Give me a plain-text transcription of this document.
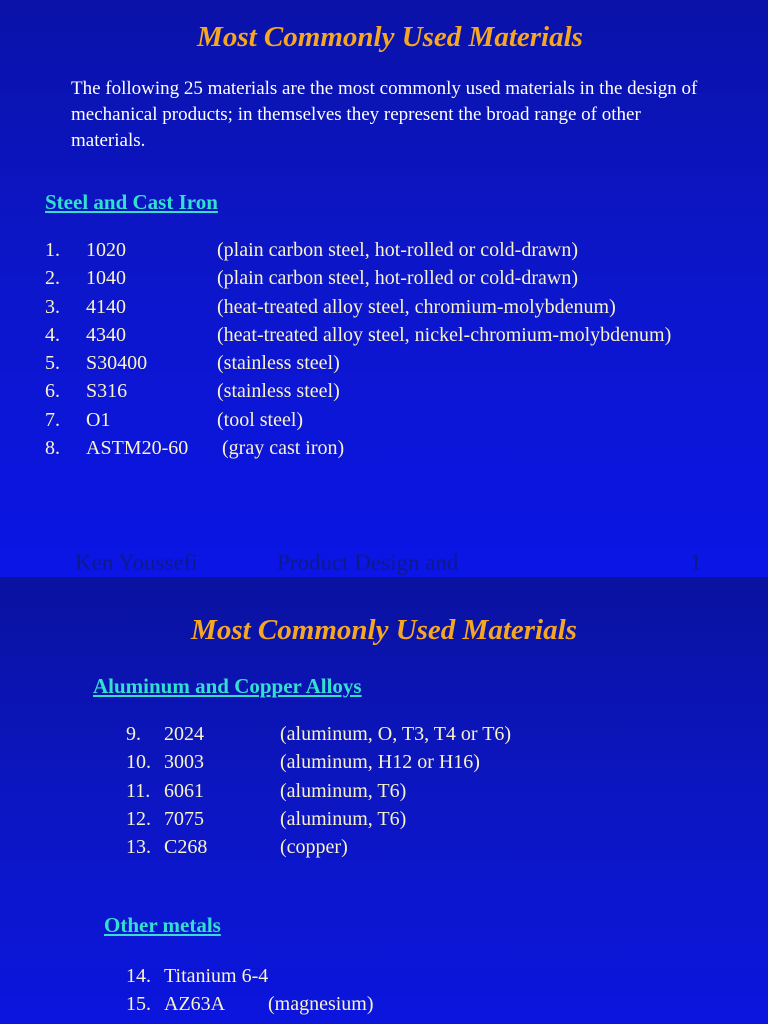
Most Commonly Used Materials
The following 25 materials are the most commonly used materials in the design of mechanical products; in themselves they represent the broad range of other materials.
Steel and Cast Iron
1. 1020	(plain carbon steel, hot-rolled or cold-drawn)
2. 1040	(plain carbon steel, hot-rolled or cold-drawn)
3. 4140	(heat-treated alloy steel, chromium-molybdenum)
4. 4340	(heat-treated alloy steel, nickel-chromium-molybdenum)
5. S30400	(stainless steel)
6. S316	(stainless steel)
7. O1	(tool steel)
8. ASTM20-60 (gray cast iron)
Ken Youssefi	Product Design and	1
Most Commonly Used Materials
Aluminum and Copper Alloys
9. 2024	(aluminum, O, T3, T4 or T6)
10. 3003	(aluminum, H12 or H16)
11. 6061	(aluminum, T6)
12. 7075	(aluminum, T6)
13. C268	(copper)
Other metals
14. Titanium 6-4
15. AZ63A (magnesium)
